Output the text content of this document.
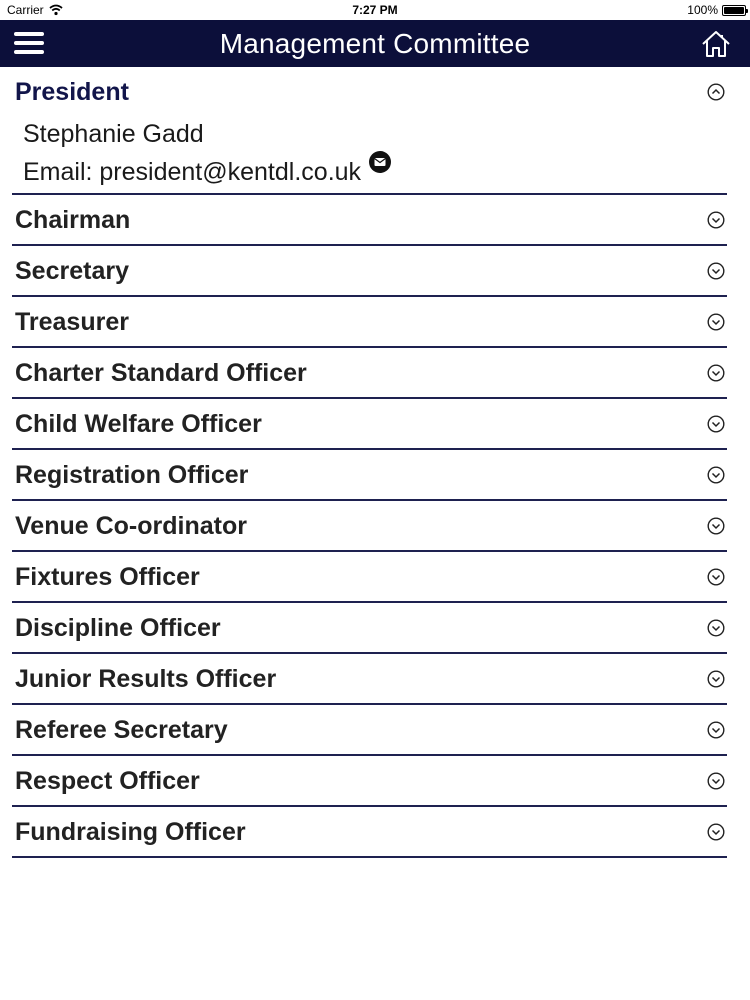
Carrier	7:27 PM	100%
Management Committee
President
Stephanie Gadd
Email: president@kentdl.co.uk
Chairman
Secretary
Treasurer
Charter Standard Officer
Child Welfare Officer
Registration Officer
Venue Co-ordinator
Fixtures Officer
Discipline Officer
Junior Results Officer
Referee Secretary
Respect Officer
Fundraising Officer
